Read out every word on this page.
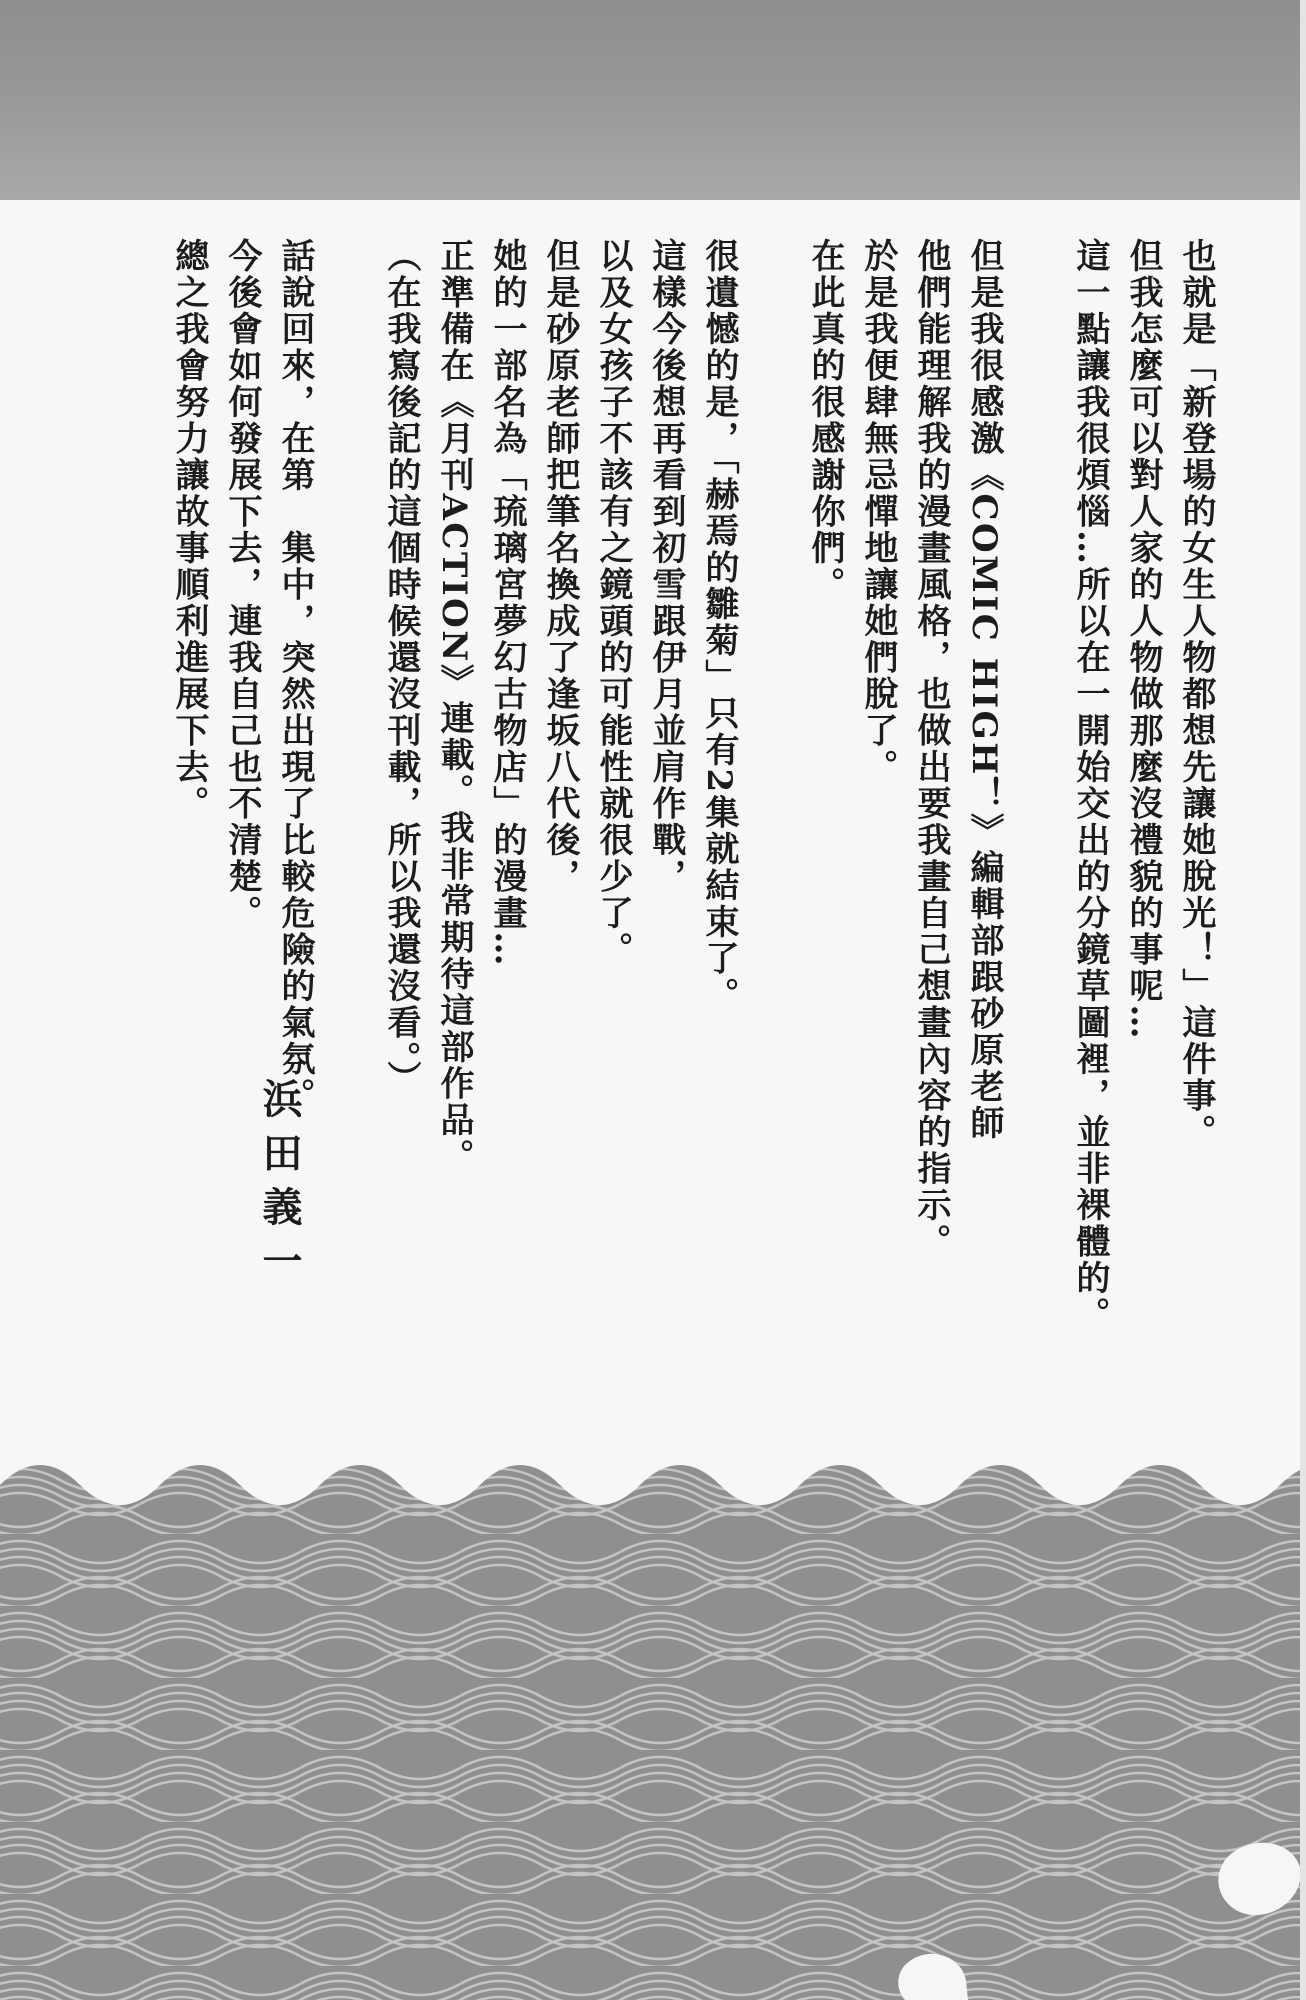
也就是「新登場的女生人物都想先讓她脫光！」這件事。
但我怎麼可以對人家的人物做那麼沒禮貌的事呢…
這一點讓我很煩惱…所以在一開始交出的分鏡草圖裡，並非裸體的。
但是我很感激《COMIC HIGH！》編輯部跟砂原老師
他們能理解我的漫畫風格，也做出要我畫自己想畫內容的指示。
於是我便肆無忌憚地讓她們脫了。
在此真的很感謝你們。
很遺憾的是，「赫焉的雛菊」只有2集就結束了。
這樣今後想再看到初雪跟伊月並肩作戰，
以及女孩子不該有之鏡頭的可能性就很少了。
但是砂原老師把筆名換成了逢坂八代後，
她的一部名為「琉璃宮夢幻古物店」的漫畫…
正準備在《月刊ACTION》連載。我非常期待這部作品。
（在我寫後記的這個時候還沒刊載，所以我還沒看。）
話說回來，在第　集中，突然出現了比較危險的氣氛。
今後會如何發展下去，連我自己也不清楚。
總之我會努力讓故事順利進展下去。
浜田義一
